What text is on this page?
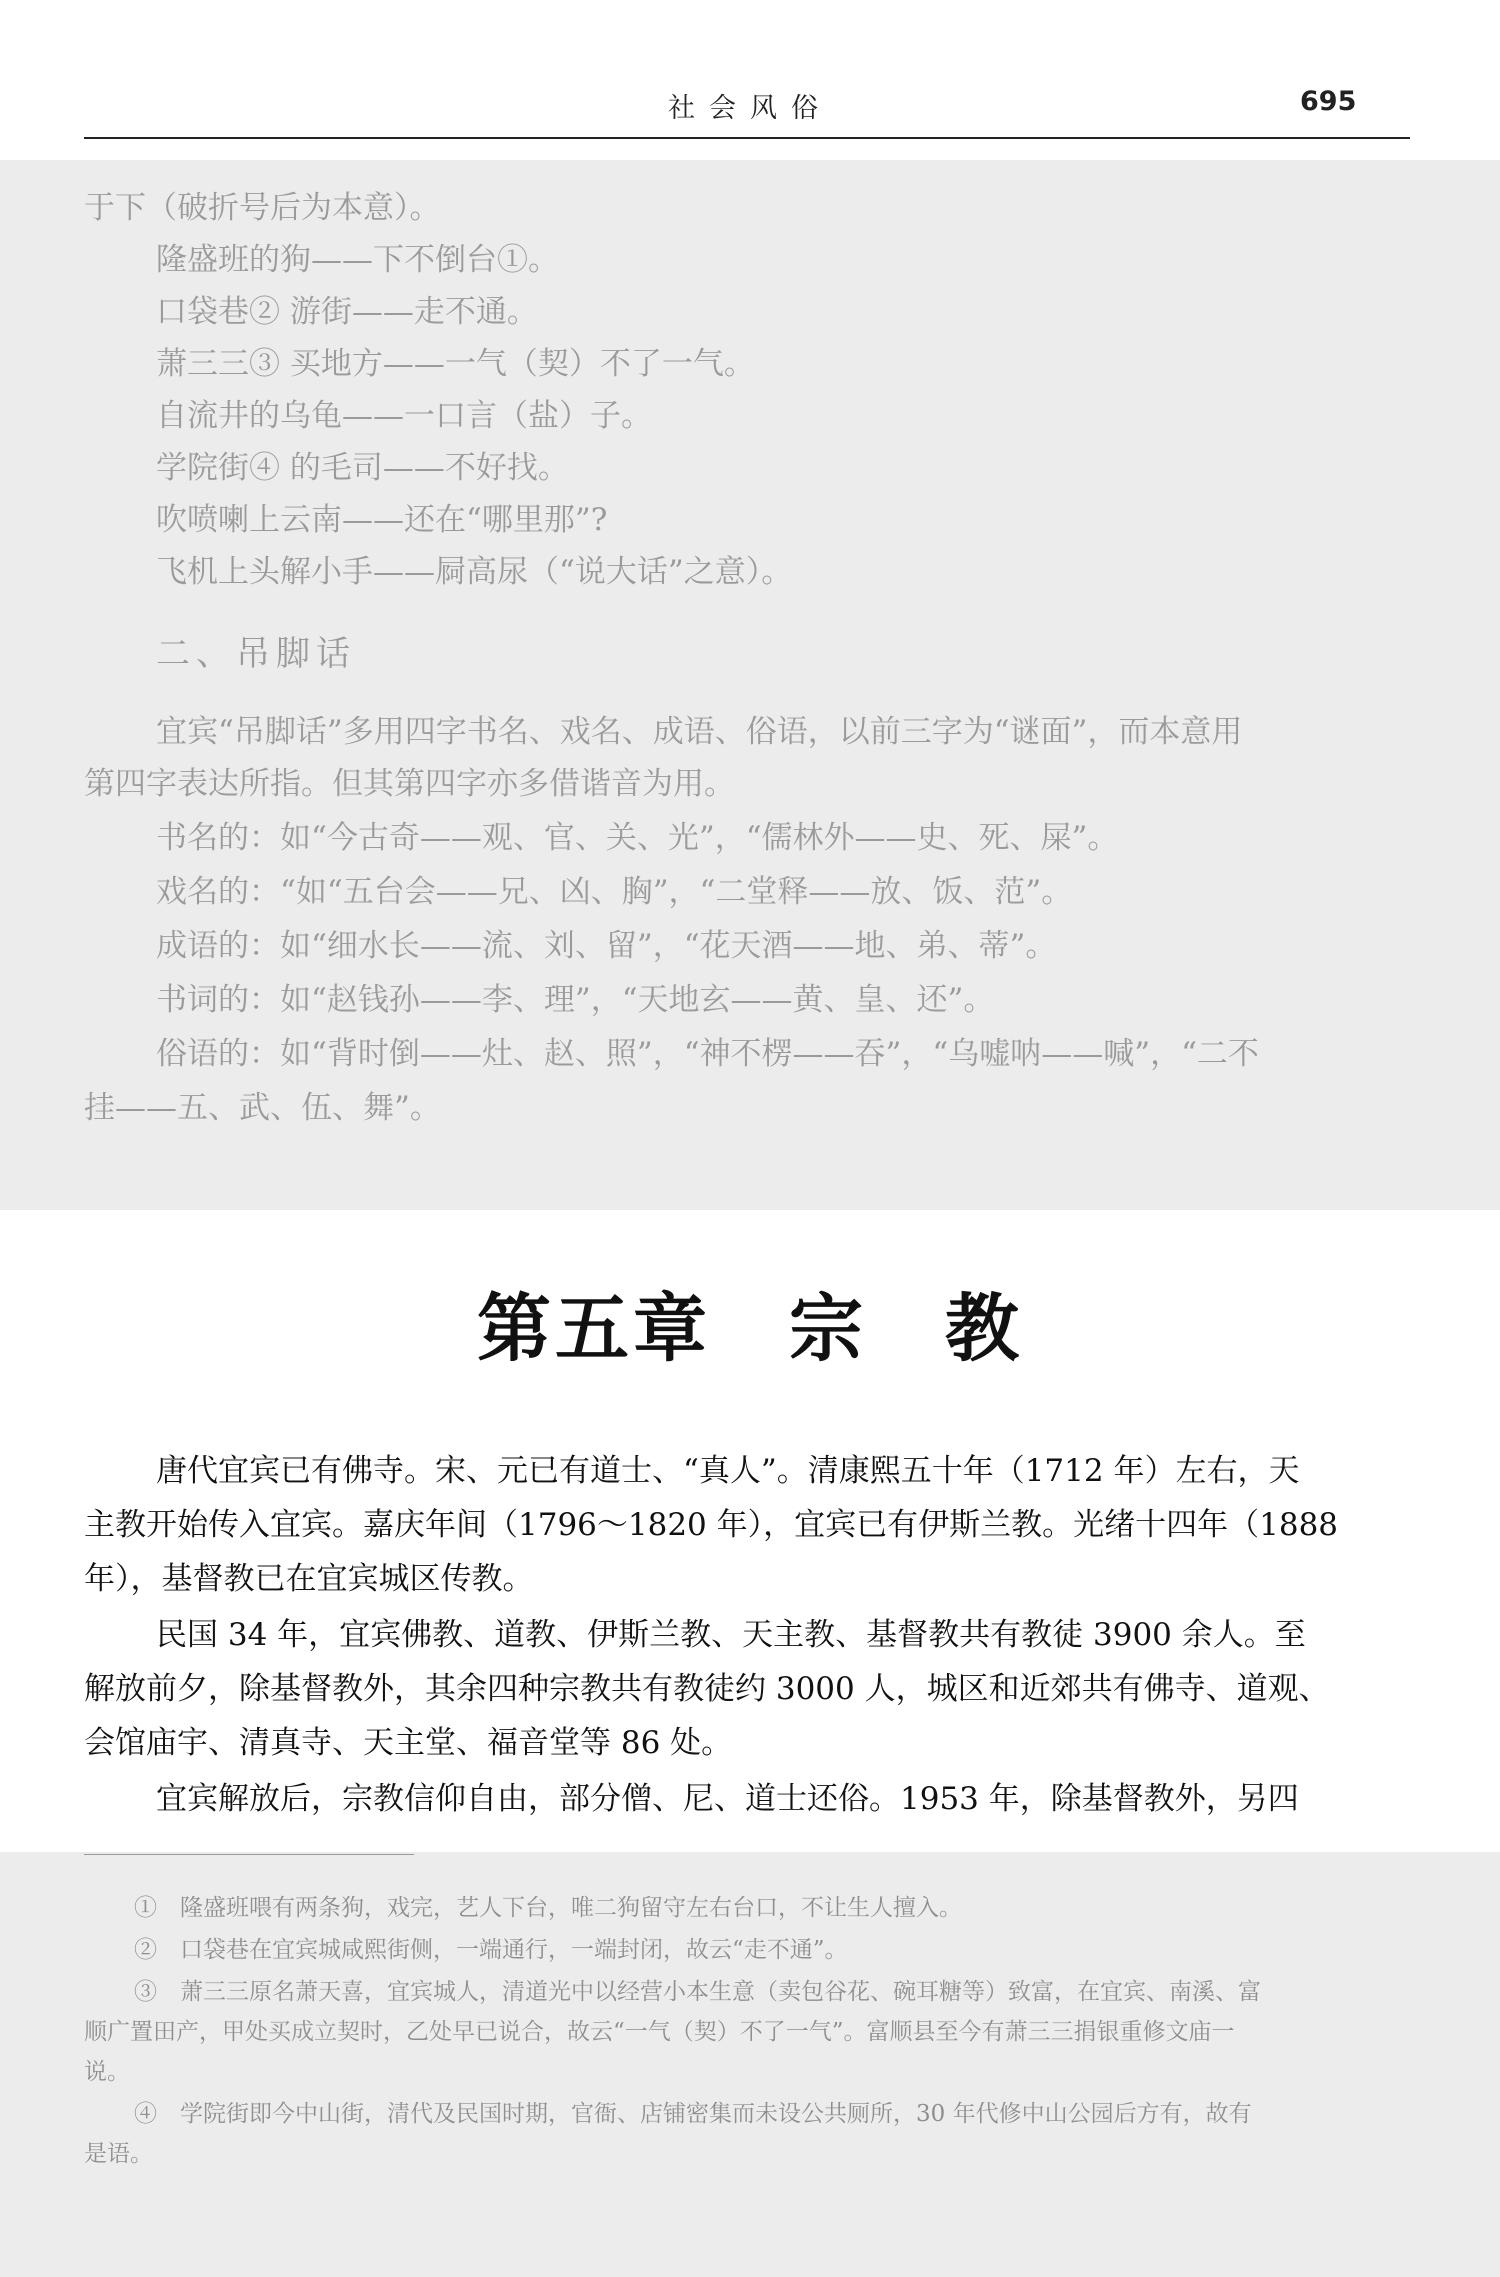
社会风俗	695
于下（破折号后为本意）。
隆盛班的狗——下不倒台①。
口袋巷② 游街——走不通。
萧三三③ 买地方——一气（契）不了一气。
自流井的乌龟——一口言（盐）子。
学院街④ 的毛司——不好找。
吹喷喇上云南——还在“哪里那”?
飞机上头解小手——屙高尿（“说大话”之意）。
二、吊脚话
宜宾“吊脚话”多用四字书名、戏名、成语、俗语，以前三字为“谜面”，而本意用
第四字表达所指。但其第四字亦多借谐音为用。
书名的：如“今古奇——观、官、关、光”，“儒林外——史、死、屎”。
戏名的：“如“五台会——兄、凶、胸”，“二堂释——放、饭、范”。
成语的：如“细水长——流、刘、留”，“花天酒——地、弟、蒂”。
书词的：如“赵钱孙——李、理”，“天地玄——黄、皇、还”。
俗语的：如“背时倒——灶、赵、照”，“神不楞——吞”，“乌嘘呐——喊”，“二不
挂——五、武、伍、舞”。
第五章　宗　教
唐代宜宾已有佛寺。宋、元已有道士、“真人”。清康熙五十年（1712 年）左右，天
主教开始传入宜宾。嘉庆年间（1796～1820 年），宜宾已有伊斯兰教。光绪十四年（1888
年），基督教已在宜宾城区传教。
民国 34 年，宜宾佛教、道教、伊斯兰教、天主教、基督教共有教徒 3900 余人。至
解放前夕，除基督教外，其余四种宗教共有教徒约 3000 人，城区和近郊共有佛寺、道观、
会馆庙宇、清真寺、天主堂、福音堂等 86 处。
宜宾解放后，宗教信仰自由，部分僧、尼、道士还俗。1953 年，除基督教外，另四
①　隆盛班喂有两条狗，戏完，艺人下台，唯二狗留守左右台口，不让生人擅入。
②　口袋巷在宜宾城咸熙街侧，一端通行，一端封闭，故云“走不通”。
③　萧三三原名萧天喜，宜宾城人，清道光中以经营小本生意（卖包谷花、碗耳糖等）致富，在宜宾、南溪、富
顺广置田产，甲处买成立契时，乙处早已说合，故云“一气（契）不了一气”。富顺县至今有萧三三捐银重修文庙一
说。
④　学院街即今中山街，清代及民国时期，官衙、店铺密集而未设公共厕所，30 年代修中山公园后方有，故有
是语。
